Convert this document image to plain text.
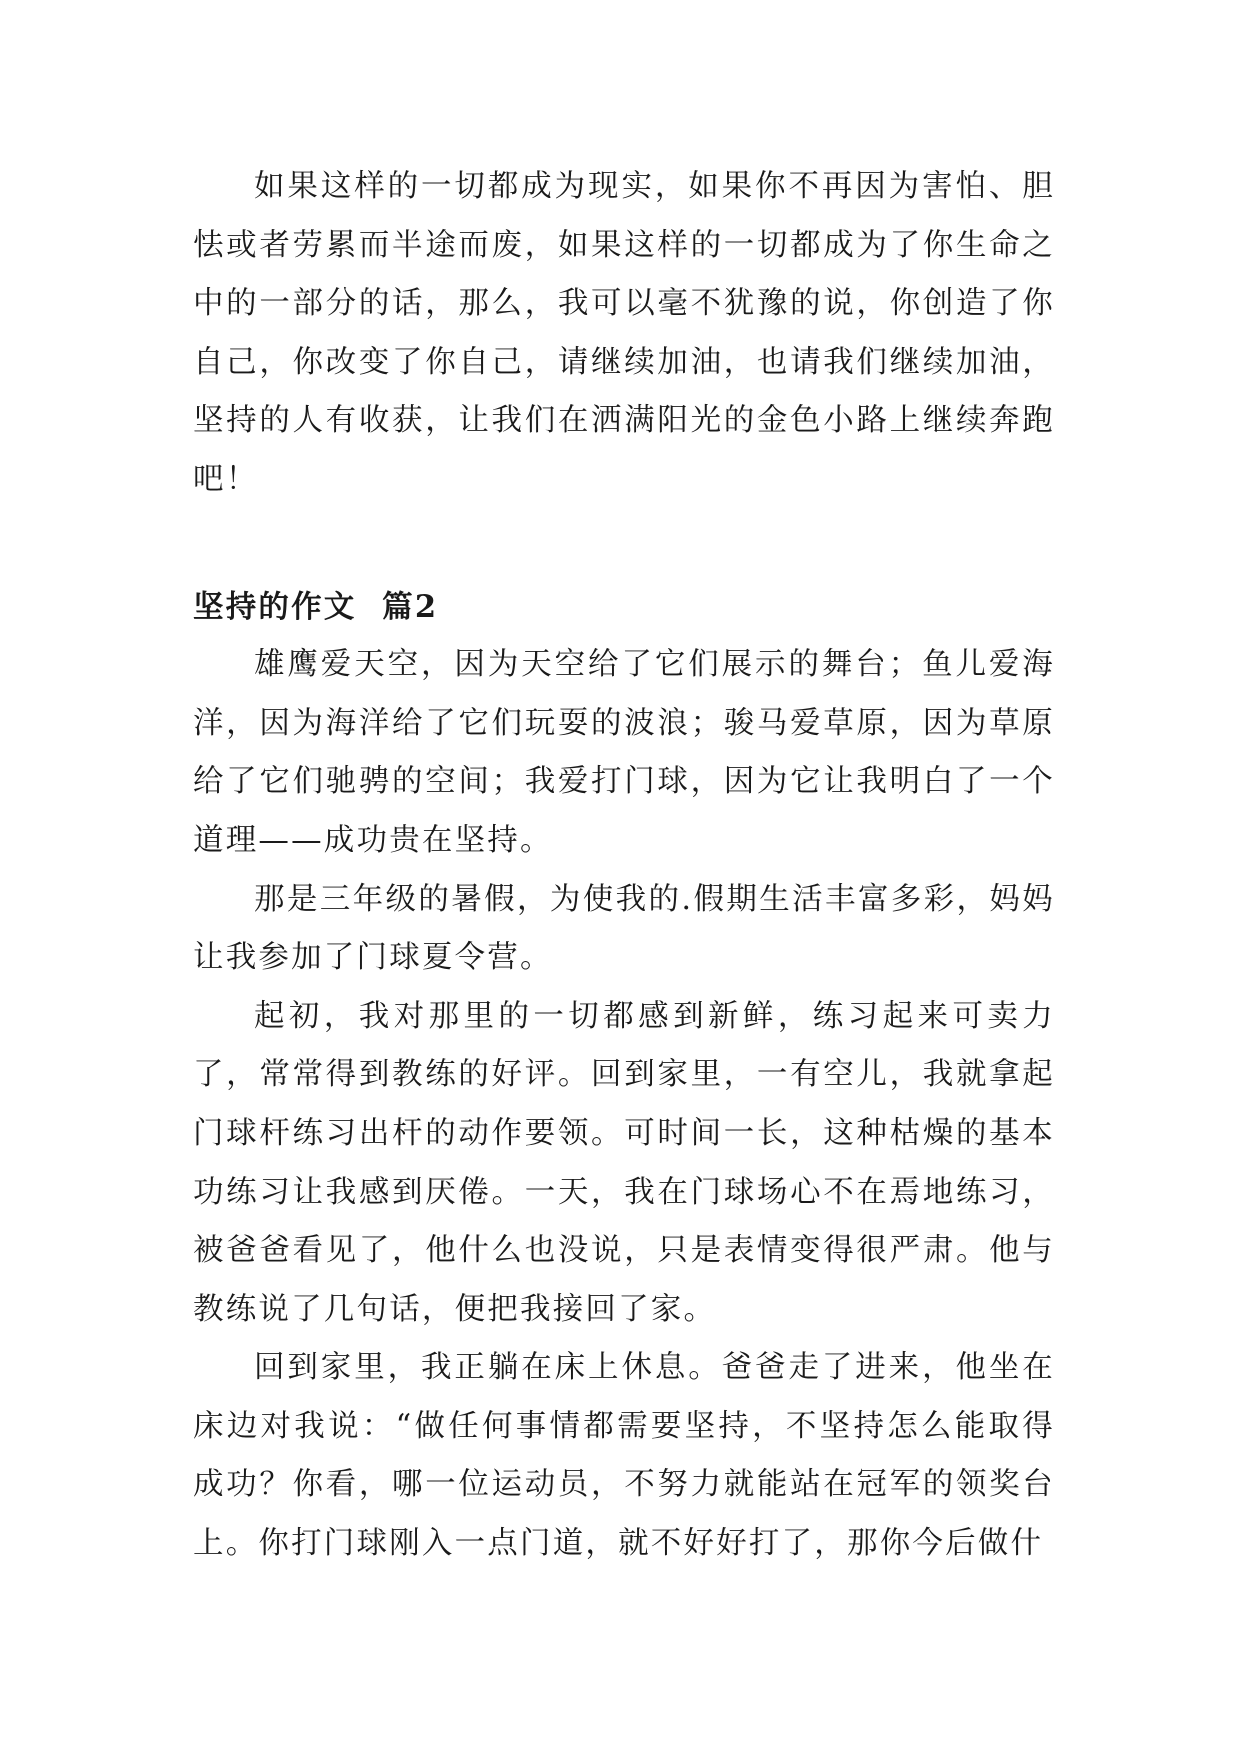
如果这样的一切都成为现实，如果你不再因为害怕、胆怯或者劳累而半途而废，如果这样的一切都成为了你生命之中的一部分的话，那么，我可以毫不犹豫的说，你创造了你自己，你改变了你自己，请继续加油，也请我们继续加油，坚持的人有收获，让我们在洒满阳光的金色小路上继续奔跑吧！

坚持的作文  篇2

雄鹰爱天空，因为天空给了它们展示的舞台；鱼儿爱海洋，因为海洋给了它们玩耍的波浪；骏马爱草原，因为草原给了它们驰骋的空间；我爱打门球，因为它让我明白了一个道理——成功贵在坚持。

那是三年级的暑假，为使我的.假期生活丰富多彩，妈妈让我参加了门球夏令营。

起初，我对那里的一切都感到新鲜，练习起来可卖力了，常常得到教练的好评。回到家里，一有空儿，我就拿起门球杆练习出杆的动作要领。可时间一长，这种枯燥的基本功练习让我感到厌倦。一天，我在门球场心不在焉地练习，被爸爸看见了，他什么也没说，只是表情变得很严肃。他与教练说了几句话，便把我接回了家。

回到家里，我正躺在床上休息。爸爸走了进来，他坐在床边对我说：“做任何事情都需要坚持，不坚持怎么能取得成功？你看，哪一位运动员，不努力就能站在冠军的领奖台上。你打门球刚入一点门道，就不好好打了，那你今后做什
